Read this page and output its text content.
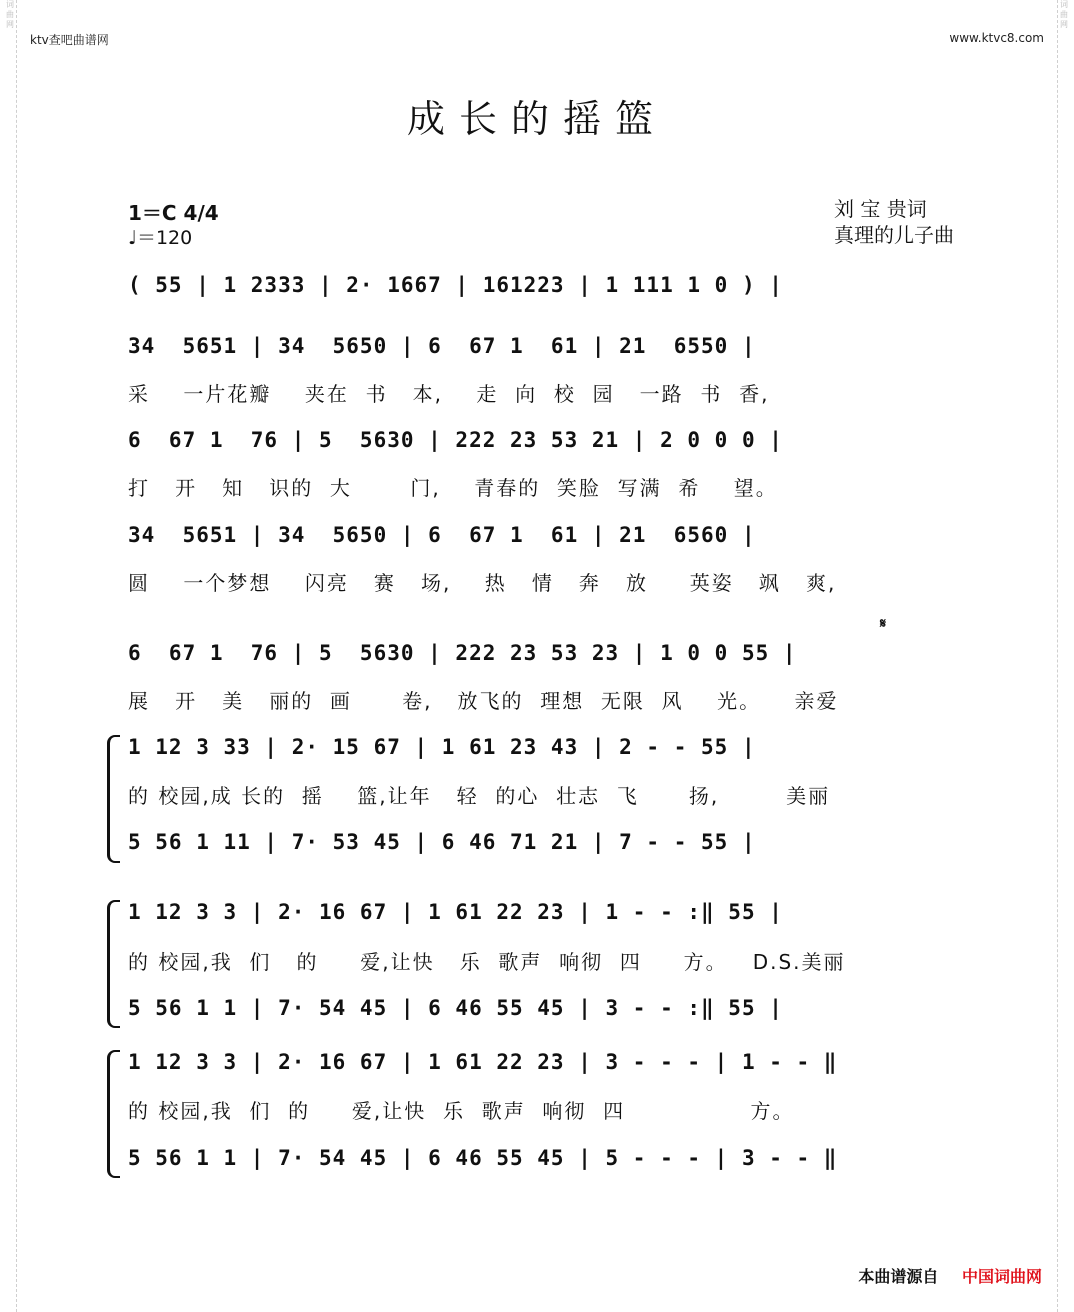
词曲网
词曲网
ktv查吧曲谱网	www.ktvc8.com
成长的摇篮
1＝C 4/4
♩＝120
刘 宝 贵词
真理的儿子曲
( 55 | 1 2333 | 2· 1667 | 161223 | 1 111 1 0 ) |
34  5651 | 34  5650 | 6  67 1  61 | 21  6550 |
采    一片花瓣    夹在  书   本,    走  向  校  园   一路  书  香,
6  67 1  76 | 5  5630 | 222 23 53 21 | 2 0 0 0 |
打   开   知   识的  大       门,    青春的  笑脸  写满  希    望。
34  5651 | 34  5650 | 6  67 1  61 | 21  6560 |
圆    一个梦想    闪亮   赛   场,    热   情   奔   放     英姿   飒   爽,
𝄋
6  67 1  76 | 5  5630 | 222 23 53 23 | 1 0 0 55 |
展   开   美   丽的  画      卷,   放飞的  理想  无限  风    光。    亲爱
1 12 3 33 | 2· 15 67 | 1 61 23 43 | 2 - - 55 |
的 校园,成 长的  摇    篮,让年   轻  的心  壮志  飞      扬,        美丽
5 56 1 11 | 7· 53 45 | 6 46 71 21 | 7 - - 55 |
1 12 3 3 | 2· 16 67 | 1 61 22 23 | 1 - - :‖ 55 |
的 校园,我  们   的     爱,让快   乐  歌声  响彻  四     方。   D.S.美丽
5 56 1 1 | 7· 54 45 | 6 46 55 45 | 3 - - :‖ 55 |
1 12 3 3 | 2· 16 67 | 1 61 22 23 | 3 - - - | 1 - - ‖
的 校园,我  们  的     爱,让快  乐  歌声  响彻  四               方。
5 56 1 1 | 7· 54 45 | 6 46 55 45 | 5 - - - | 3 - - ‖
本曲谱源自 中国词曲网
